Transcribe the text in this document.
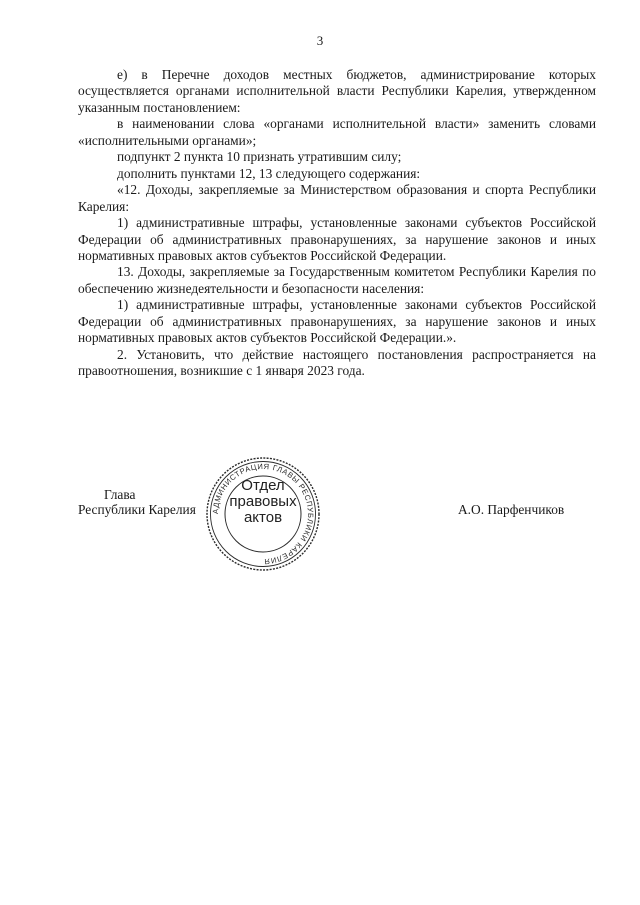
3

е) в Перечне доходов местных бюджетов, администрирование которых осуществляется органами исполнительной власти Республики Карелия, утвержденном указанным постановлением:

в наименовании слова «органами исполнительной власти» заменить словами «исполнительными органами»;

подпункт 2 пункта 10 признать утратившим силу;

дополнить пунктами 12, 13 следующего содержания:

«12. Доходы, закрепляемые за Министерством образования и спорта Республики Карелия:

1) административные штрафы, установленные законами субъектов Российской Федерации об административных правонарушениях, за нарушение законов и иных нормативных правовых актов субъектов Российской Федерации.

13. Доходы, закрепляемые за Государственным комитетом Республики Карелия по обеспечению жизнедеятельности и безопасности населения:

1) административные штрафы, установленные законами субъектов Российской Федерации об административных правонарушениях, за нарушение законов и иных нормативных правовых актов субъектов Российской Федерации.».

2. Установить, что действие настоящего постановления распространяется на правоотношения, возникшие с 1 января 2023 года.

Глава
Республики Карелия	А.О. Парфенчиков
АДМИНИСТРАЦИЯ ГЛАВЫ РЕСПУБЛИКИ КАРЕЛИЯ
Отдел
правовых
актов
